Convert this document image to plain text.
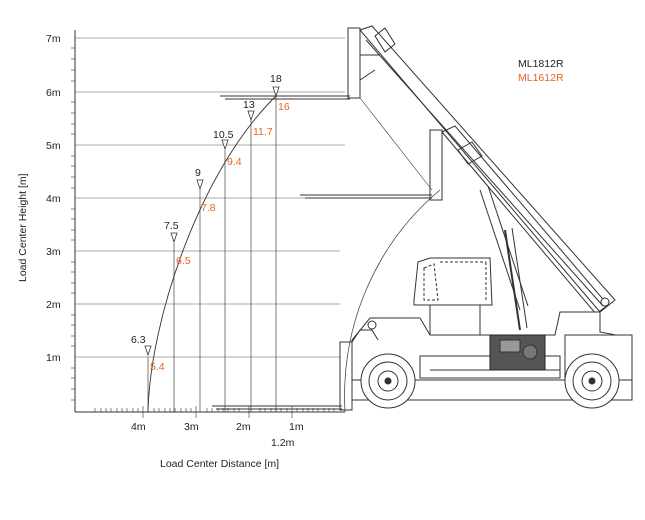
1m
2m
3m
4m
5m
6m
7m
4m	3m	2m	1m
1.2m
Load Center Distance [m]
Load Center Height [m]
6.3
5.4
7.5
6.5
9
7.8
10.5
9.4
13
11.7
18
16
ML1812R
ML1612R
